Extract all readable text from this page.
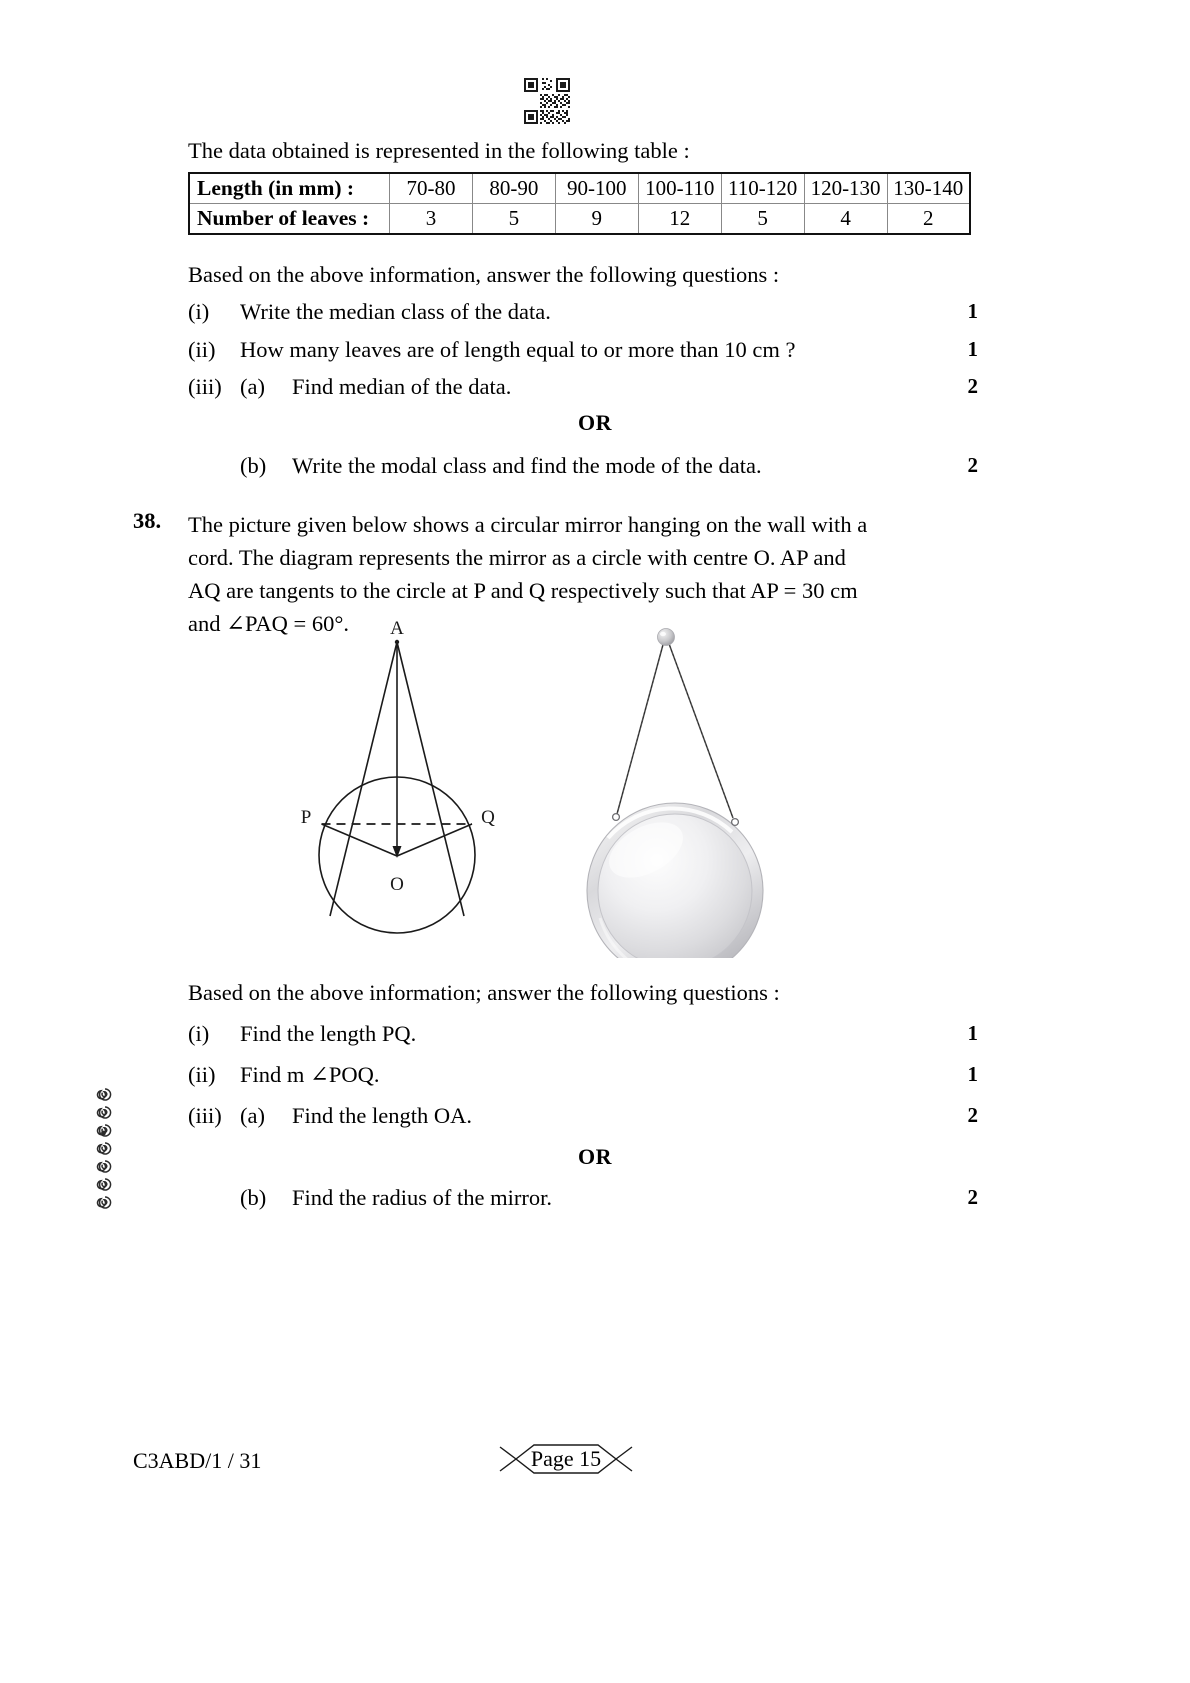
The data obtained is represented in the following table :
Length (in mm) :	70-80	80-90	90-100	100-110	110-120	120-130	130-140
Number of leaves :	3	5	9	12	5	4	2
Based on the above information, answer the following questions :
(i)	Write the median class of the data.	1
(ii)	How many leaves are of length equal to or more than 10 cm ?	1
(iii) (a)	Find median of the data.	2
OR
(b)	Write the modal class and find the mode of the data.	2
38. The picture given below shows a circular mirror hanging on the wall with a
cord. The diagram represents the mirror as a circle with centre O. AP and
AQ are tangents to the circle at P and Q respectively such that AP = 30 cm
and ∠PAQ = 60°.	A
P	Q
O
Based on the above information; answer the following questions :
(i)	Find the length PQ.	1
(ii)	Find m ∠POQ.	1
(iii) (a)	Find the length OA.	2
OR
(b)	Find the radius of the mirror.	2
C3ABD/1 / 31	Page 15
